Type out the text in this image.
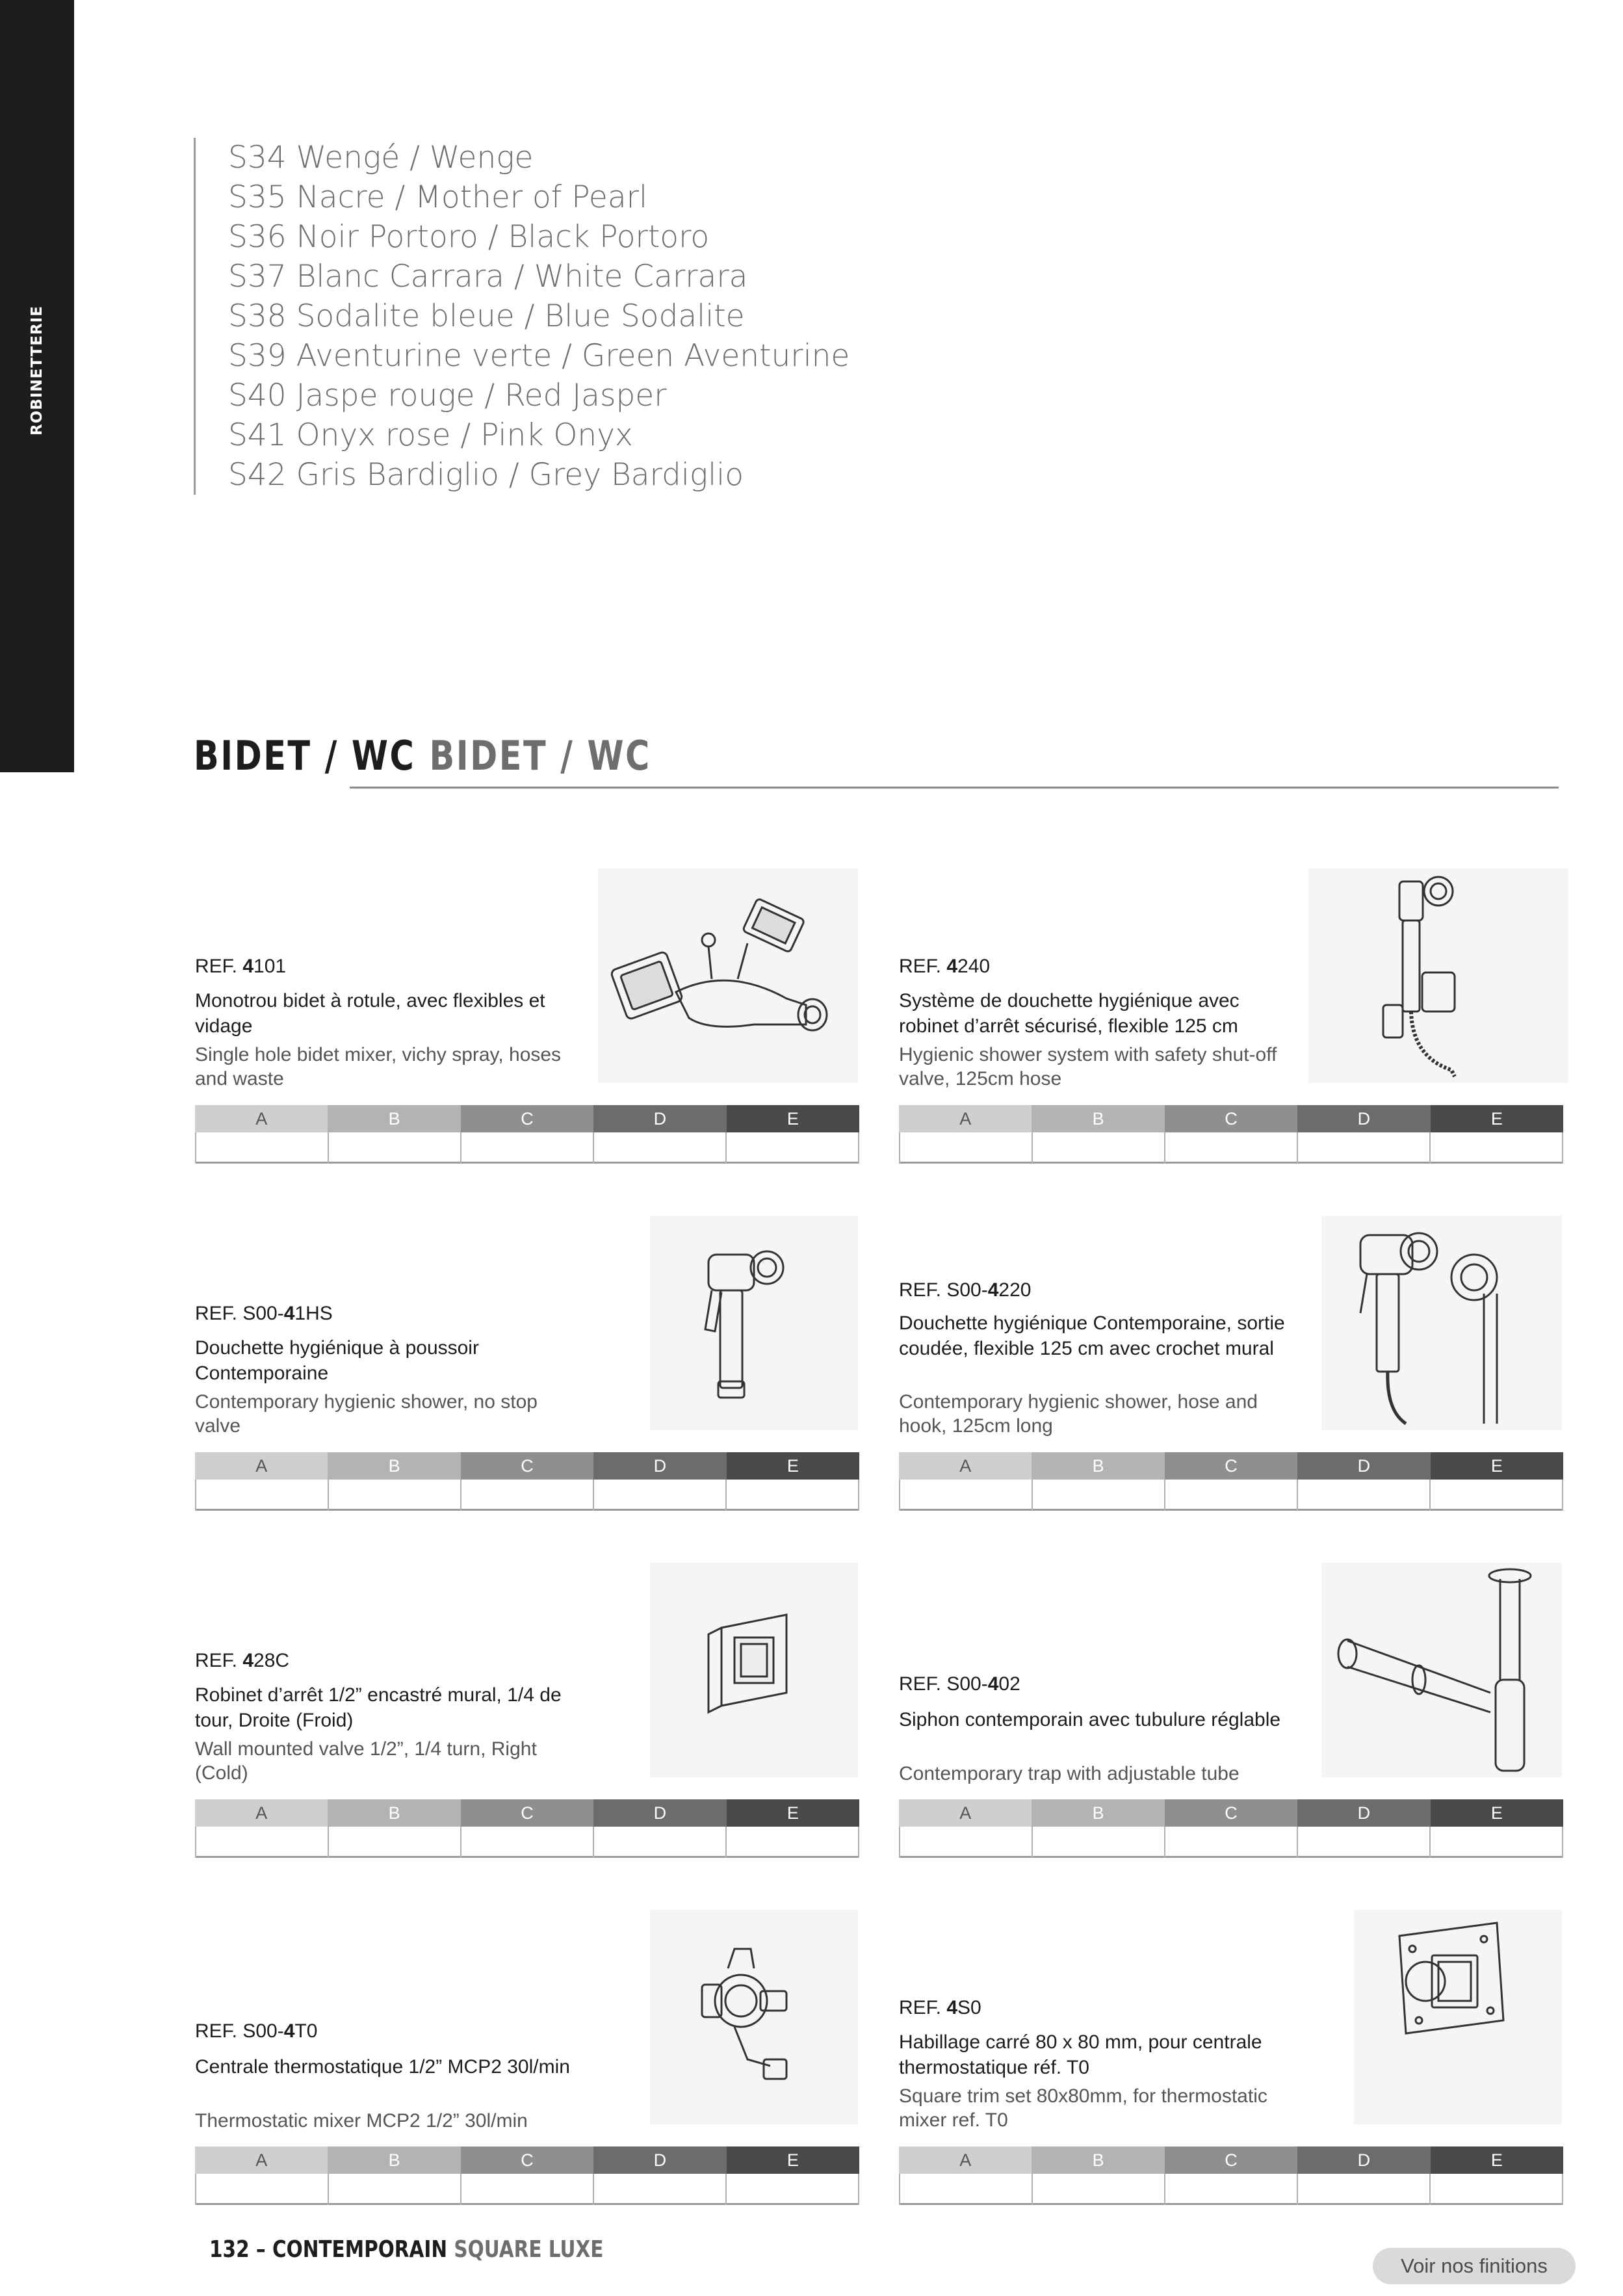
ROBINETTERIE
S34 Wengé / Wenge
S35 Nacre / Mother of Pearl
S36 Noir Portoro / Black Portoro
S37 Blanc Carrara / White Carrara
S38 Sodalite bleue / Blue Sodalite
S39 Aventurine verte / Green Aventurine
S40 Jaspe rouge / Red Jasper
S41 Onyx rose / Pink Onyx
S42 Gris Bardiglio / Grey Bardiglio
BIDET / WC BIDET / WC
REF. 4101
Monotrou bidet à rotule, avec flexibles et vidage
Single hole bidet mixer, vichy spray, hoses and waste
A	B	C	D	E
REF. 4240
Système de douchette hygiénique avec robinet d’arrêt sécurisé, flexible 125 cm
Hygienic shower system with safety shut-off valve, 125cm hose
A	B	C	D	E
REF. S00-41HS
Douchette hygiénique à poussoir Contemporaine
Contemporary hygienic shower, no stop valve
A	B	C	D	E
REF. S00-4220
Douchette hygiénique Contemporaine, sortie coudée, flexible 125 cm avec crochet mural
Contemporary hygienic shower, hose and hook, 125cm long
A	B	C	D	E
REF. 428C
Robinet d’arrêt 1/2” encastré mural, 1/4 de tour, Droite (Froid)
Wall mounted valve 1/2”, 1/4 turn, Right (Cold)
A	B	C	D	E
REF. S00-402
Siphon contemporain avec tubulure réglable
Contemporary trap with adjustable tube
A	B	C	D	E
REF. S00-4T0
Centrale thermostatique 1/2” MCP2 30l/min
Thermostatic mixer MCP2 1/2” 30l/min
A	B	C	D	E
REF. 4S0
Habillage carré 80 x 80 mm, pour centrale thermostatique réf. T0
Square trim set 80x80mm, for thermostatic mixer ref. T0
A	B	C	D	E
132 – CONTEMPORAIN SQUARE LUXE
Voir nos finitions
